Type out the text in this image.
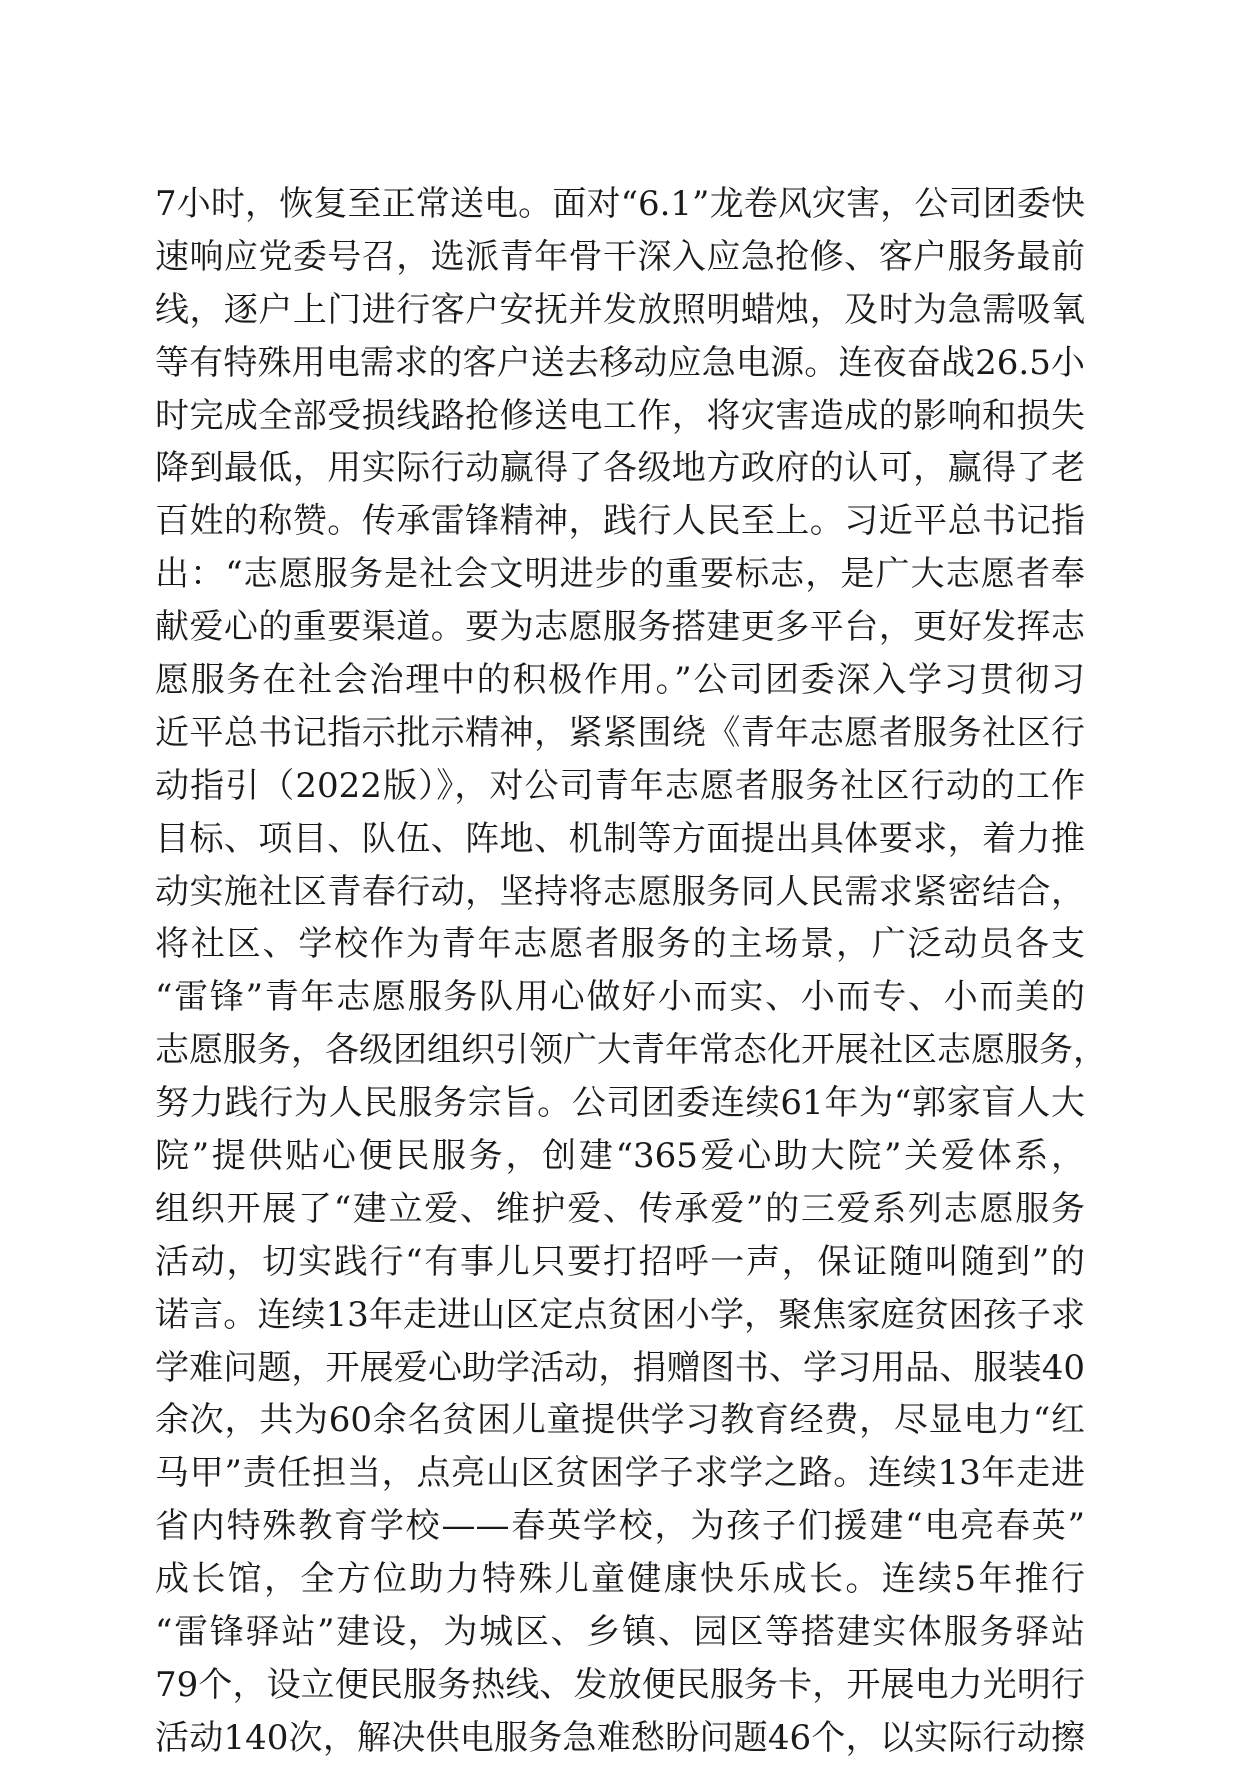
7小时，恢复至正常送电。面对“6.1”龙卷风灾害，公司团委快
速响应党委号召，选派青年骨干深入应急抢修、客户服务最前
线，逐户上门进行客户安抚并发放照明蜡烛，及时为急需吸氧
等有特殊用电需求的客户送去移动应急电源。连夜奋战26.5小
时完成全部受损线路抢修送电工作，将灾害造成的影响和损失
降到最低，用实际行动赢得了各级地方政府的认可，赢得了老
百姓的称赞。传承雷锋精神，践行人民至上。习近平总书记指
出：“志愿服务是社会文明进步的重要标志，是广大志愿者奉
献爱心的重要渠道。要为志愿服务搭建更多平台，更好发挥志
愿服务在社会治理中的积极作用。”公司团委深入学习贯彻习
近平总书记指示批示精神，紧紧围绕《青年志愿者服务社区行
动指引（2022版）》，对公司青年志愿者服务社区行动的工作
目标、项目、队伍、阵地、机制等方面提出具体要求，着力推
动实施社区青春行动，坚持将志愿服务同人民需求紧密结合，
将社区、学校作为青年志愿者服务的主场景，广泛动员各支
“雷锋”青年志愿服务队用心做好小而实、小而专、小而美的
志愿服务，各级团组织引领广大青年常态化开展社区志愿服务，
努力践行为人民服务宗旨。公司团委连续61年为“郭家盲人大
院”提供贴心便民服务，创建“365爱心助大院”关爱体系，
组织开展了“建立爱、维护爱、传承爱”的三爱系列志愿服务
活动，切实践行“有事儿只要打招呼一声，保证随叫随到”的
诺言。连续13年走进山区定点贫困小学，聚焦家庭贫困孩子求
学难问题，开展爱心助学活动，捐赠图书、学习用品、服装40
余次，共为60余名贫困儿童提供学习教育经费，尽显电力“红
马甲”责任担当，点亮山区贫困学子求学之路。连续13年走进
省内特殊教育学校——春英学校，为孩子们援建“电亮春英”
成长馆，全方位助力特殊儿童健康快乐成长。连续5年推行
“雷锋驿站”建设，为城区、乡镇、园区等搭建实体服务驿站
79个，设立便民服务热线、发放便民服务卡，开展电力光明行
活动140次，解决供电服务急难愁盼问题46个，以实际行动擦
